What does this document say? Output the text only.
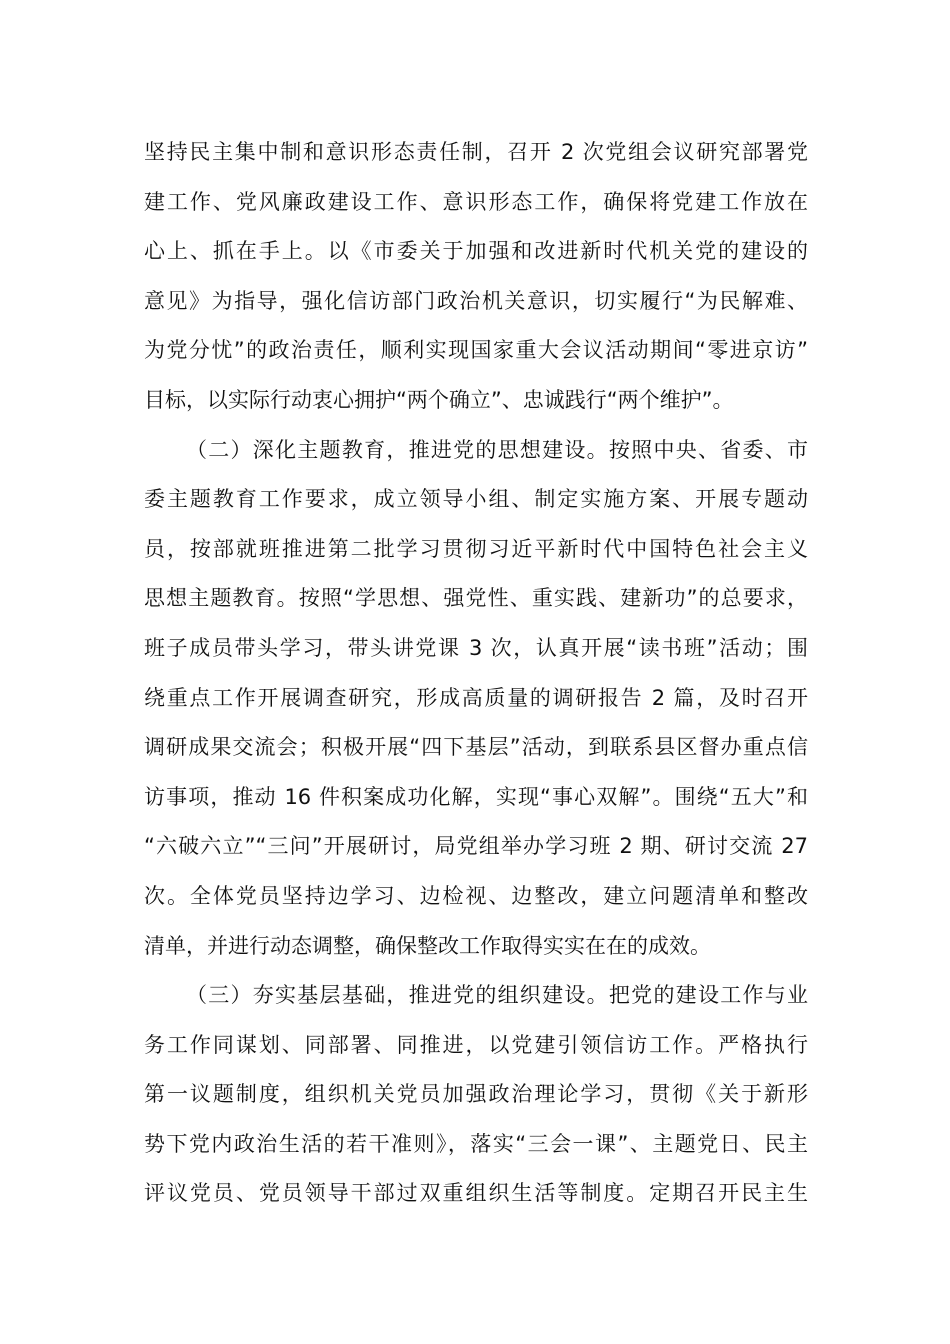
坚持民主集中制和意识形态责任制，召开 2 次党组会议研究部署党
建工作、党风廉政建设工作、意识形态工作，确保将党建工作放在
心上、抓在手上。以《市委关于加强和改进新时代机关党的建设的
意见》为指导，强化信访部门政治机关意识，切实履行“为民解难、
为党分忧”的政治责任，顺利实现国家重大会议活动期间“零进京访”
目标，以实际行动衷心拥护“两个确立”、忠诚践行“两个维护”。
（二）深化主题教育，推进党的思想建设。按照中央、省委、市
委主题教育工作要求，成立领导小组、制定实施方案、开展专题动
员，按部就班推进第二批学习贯彻习近平新时代中国特色社会主义
思想主题教育。按照“学思想、强党性、重实践、建新功”的总要求，
班子成员带头学习，带头讲党课 3 次，认真开展“读书班”活动；围
绕重点工作开展调查研究，形成高质量的调研报告 2 篇，及时召开
调研成果交流会；积极开展“四下基层”活动，到联系县区督办重点信
访事项，推动 16 件积案成功化解，实现“事心双解”。围绕“五大”和
“六破六立”“三问”开展研讨，局党组举办学习班 2 期、研讨交流 27
次。全体党员坚持边学习、边检视、边整改，建立问题清单和整改
清单，并进行动态调整，确保整改工作取得实实在在的成效。
（三）夯实基层基础，推进党的组织建设。把党的建设工作与业
务工作同谋划、同部署、同推进，以党建引领信访工作。严格执行
第一议题制度，组织机关党员加强政治理论学习，贯彻《关于新形
势下党内政治生活的若干准则》，落实“三会一课”、主题党日、民主
评议党员、党员领导干部过双重组织生活等制度。定期召开民主生
